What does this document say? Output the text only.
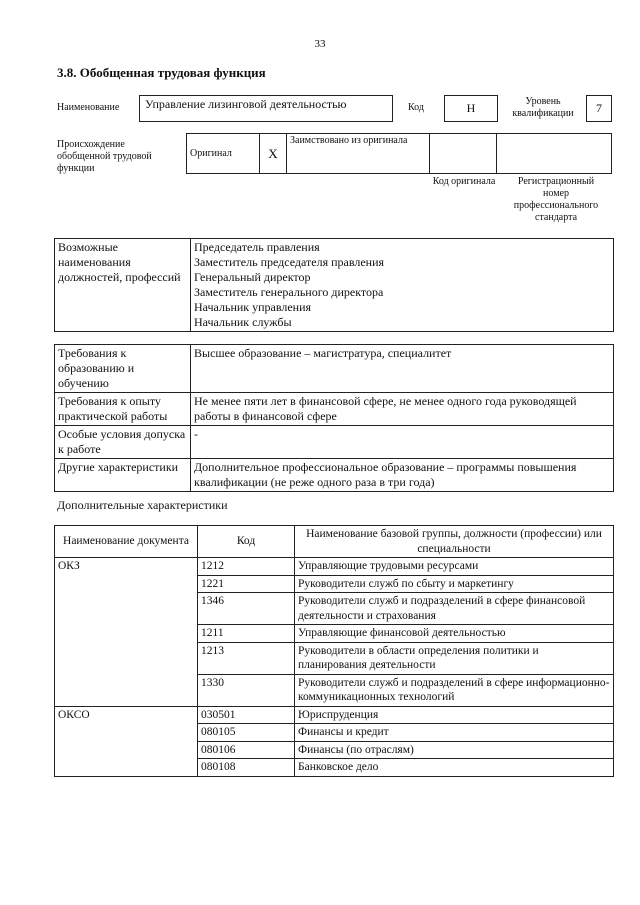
33
3.8. Обобщенная трудовая функция
Наименование	Управление лизинговой деятельностью	Код	H	Уровень квалификации	7
Происхождение обобщенной трудовой функции
Оригинал	X	Заимствовано из оригинала		
Код оригинала	Регистрационный номер профессионального стандарта
Возможные наименования должностей, профессий	
Председатель правления
Заместитель председателя правления
Генеральный директор
Заместитель генерального директора
Начальник управления
Начальник службы
Требования к образованию и обучению	Высшее образование – магистратура, специалитет
Требования к опыту практической работы	Не менее пяти лет в финансовой сфере, не менее одного года руководящей работы в финансовой сфере
Особые условия допуска к работе	-
Другие характеристики	Дополнительное профессиональное образование – программы повышения квалификации (не реже одного раза в три года)
Дополнительные характеристики
Наименование документа	Код	Наименование базовой группы, должности (профессии) или специальности
ОКЗ	1212	Управляющие трудовыми ресурсами
	1221	Руководители служб по сбыту и маркетингу
	1346	Руководители служб и подразделений в сфере финансовой деятельности и страхования
	1211	Управляющие финансовой деятельностью
	1213	Руководители в области определения политики и планирования деятельности
	1330	Руководители служб и подразделений в сфере информационно-коммуникационных технологий
ОКСО	030501	Юриспруденция
	080105	Финансы и кредит
	080106	Финансы (по отраслям)
	080108	Банковское дело
